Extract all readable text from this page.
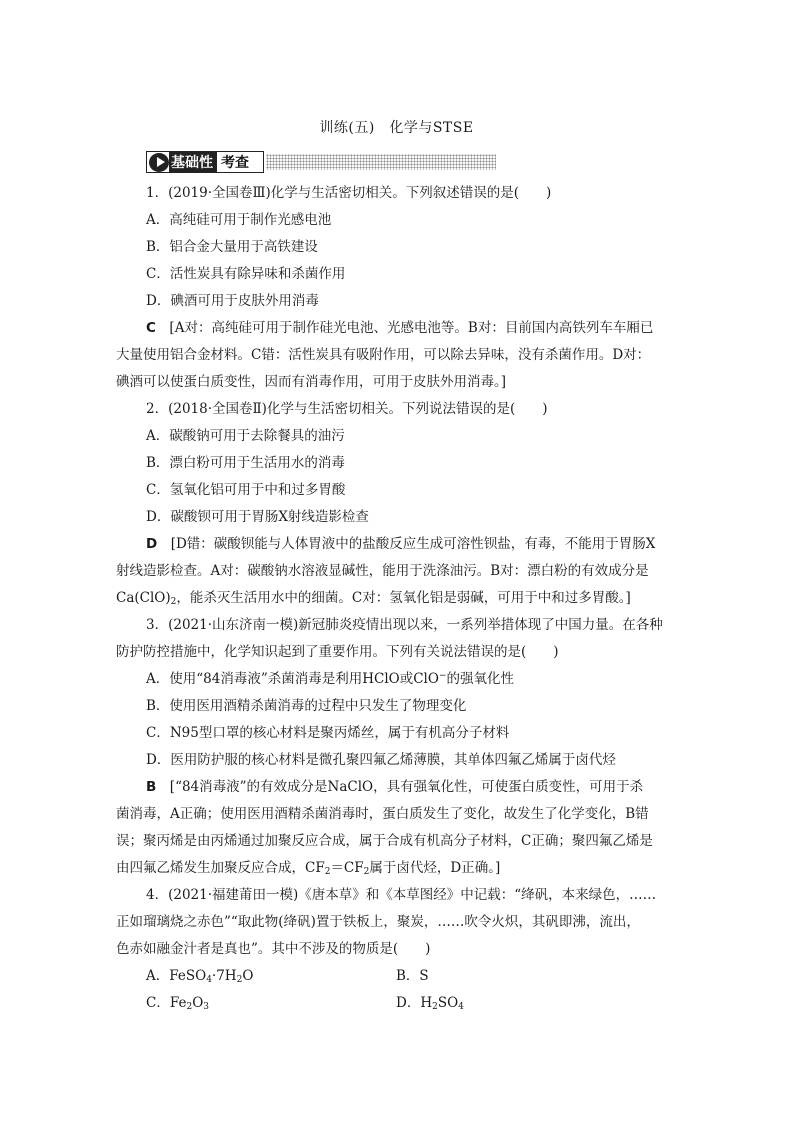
训练(五)　化学与STSE
基础性 考查
1．(2019·全国卷Ⅲ)化学与生活密切相关。下列叙述错误的是(　　)
A．高纯硅可用于制作光感电池
B．铝合金大量用于高铁建设
C．活性炭具有除异味和杀菌作用
D．碘酒可用于皮肤外用消毒
C　 [A对：高纯硅可用于制作硅光电池、光感电池等。B对：目前国内高铁列车车厢已
大量使用铝合金材料。C错：活性炭具有吸附作用，可以除去异味，没有杀菌作用。D对：
碘酒可以使蛋白质变性，因而有消毒作用，可用于皮肤外用消毒。]
2．(2018·全国卷Ⅱ)化学与生活密切相关。下列说法错误的是(　　)
A．碳酸钠可用于去除餐具的油污
B．漂白粉可用于生活用水的消毒
C．氢氧化铝可用于中和过多胃酸
D．碳酸钡可用于胃肠X射线造影检查
D　 [D错：碳酸钡能与人体胃液中的盐酸反应生成可溶性钡盐，有毒，不能用于胃肠X
射线造影检查。A对：碳酸钠水溶液显碱性，能用于洗涤油污。B对：漂白粉的有效成分是
$Ca(ClO)_2$，能杀灭生活用水中的细菌。C对：氢氧化铝是弱碱，可用于中和过多胃酸。]
3．(2021·山东济南一模)新冠肺炎疫情出现以来，一系列举措体现了中国力量。在各种
防护防控措施中，化学知识起到了重要作用。下列有关说法错误的是(　　)
A．使用“84消毒液”杀菌消毒是利用HClO或ClO−的强氧化性
B．使用医用酒精杀菌消毒的过程中只发生了物理变化
C．N95型口罩的核心材料是聚丙烯丝，属于有机高分子材料
D．医用防护服的核心材料是微孔聚四氟乙烯薄膜，其单体四氟乙烯属于卤代烃
B　 [“84消毒液”的有效成分是NaClO，具有强氧化性，可使蛋白质变性，可用于杀
菌消毒，A正确；使用医用酒精杀菌消毒时，蛋白质发生了变化，故发生了化学变化，B错
误；聚丙烯是由丙烯通过加聚反应合成，属于合成有机高分子材料，C正确；聚四氟乙烯是
由四氟乙烯发生加聚反应合成，$CF_2=CF_2$属于卤代烃，D正确。]
4．(2021·福建莆田一模)《唐本草》和《本草图经》中记载：“绛矾，本来绿色，……
正如瑠璃烧之赤色”“取此物(绛矾)置于铁板上，聚炭，……吹令火炽，其矾即沸，流出，
色赤如融金汁者是真也”。其中不涉及的物质是(　　)
A．$FeSO_4\cdot 7H_2O$	B．S
C．$Fe_2O_3$	D．$H_2SO_4$
